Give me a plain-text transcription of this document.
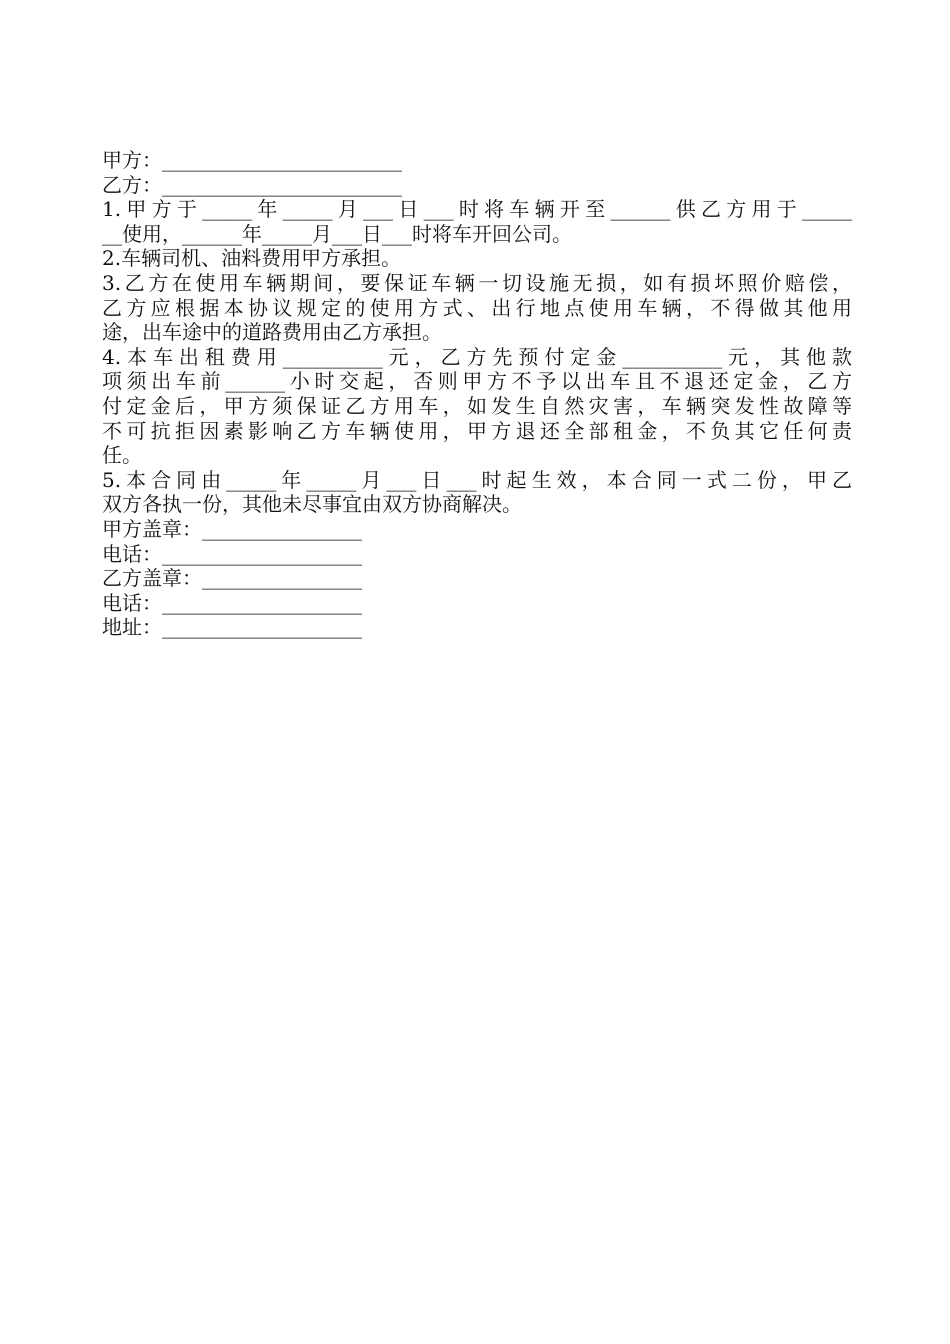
甲方：________________________
乙方：________________________
1.甲方于_____年_____月___日___时将车辆开至______供乙方用于_____
__使用，______年_____月___日___时将车开回公司。
2.车辆司机、油料费用甲方承担。
3.乙方在使用车辆期间，要保证车辆一切设施无损，如有损坏照价赔偿，
乙方应根据本协议规定的使用方式、出行地点使用车辆，不得做其他用
途，出车途中的道路费用由乙方承担。
4.本车出租费用__________元，乙方先预付定金__________元，其他款
项须出车前______小时交起，否则甲方不予以出车且不退还定金，乙方
付定金后，甲方须保证乙方用车，如发生自然灾害，车辆突发性故障等
不可抗拒因素影响乙方车辆使用，甲方退还全部租金，不负其它任何责
任。
5.本合同由_____年_____月___日___时起生效，本合同一式二份，甲乙
双方各执一份，其他未尽事宜由双方协商解决。
甲方盖章：________________
电话：____________________
乙方盖章：________________
电话：____________________
地址：____________________
